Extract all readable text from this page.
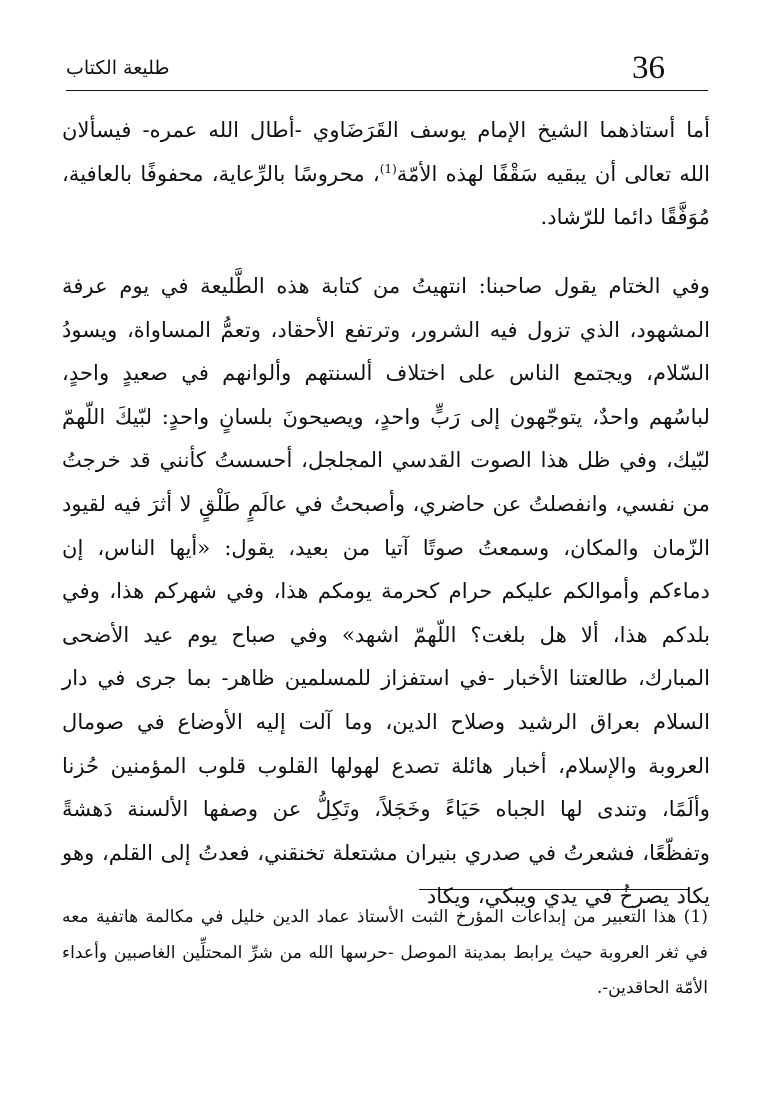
طليعة الكتاب	36

أما أستاذهما الشيخ الإمام يوسف القَرَضَاوي -أطال الله عمره- فيسألان الله تعالى أن يبقيه سَقْفًا لهذه الأمّة$^{(1)}$، محروسًا بالرِّعاية، محفوفًا بالعافية، مُوَفَّقًا دائما للرّشاد.

وفي الختام يقول صاحبنا: انتهيتُ من كتابة هذه الطَّليعة في يوم عرفة المشهود، الذي تزول فيه الشرور، وترتفع الأحقاد، وتعمُّ المساواة، ويسودُ السّلام، ويجتمع الناس على اختلاف ألسنتهم وألوانهم في صعيدٍ واحدٍ، لباسُهم واحدٌ، يتوجّهون إلى رَبٍّ واحدٍ، ويصيحونَ بلسانٍ واحدٍ: لبّيكَ اللّهمّ لبّيك، وفي ظل هذا الصوت القدسي المجلجل، أحسستُ كأنني قد خرجتُ من نفسي، وانفصلتُ عن حاضري، وأصبحتُ في عالَمٍ طَلْقٍ لا أثرَ فيه لقيود الزّمان والمكان، وسمعتُ صوتًا آتيا من بعيد، يقول: «أيها الناس، إن دماءكم وأموالكم عليكم حرام كحرمة يومكم هذا، وفي شهركم هذا، وفي بلدكم هذا، ألا هل بلغت؟ اللّهمّ اشهد» وفي صباح يوم عيد الأضحى المبارك، طالعتنا الأخبار -في استفزاز للمسلمين ظاهر- بما جرى في دار السلام بعراق الرشيد وصلاح الدين، وما آلت إليه الأوضاع في صومال العروبة والإسلام، أخبار هائلة تصدع لهولها القلوب قلوب المؤمنين حُزنا وألَمًا، وتندى لها الجباه حَيَاءً وخَجَلاً، وتَكِلُّ عن وصفها الألسنة دَهشةً وتفظّعًا، فشعرتُ في صدري بنيران مشتعلة تخنقني، فعدتُ إلى القلم، وهو يكاد يصرخُ في يدي ويبكي، ويكاد

(1) هذا التعبير من إبداعات المؤرخ الثبت الأستاذ عماد الدين خليل في مكالمة هاتفية معه في ثغر العروبة حيث يرابط بمدينة الموصل -حرسها الله من شرِّ المحتلِّين الغاصبين وأعداء الأمّة الحاقدين-.
